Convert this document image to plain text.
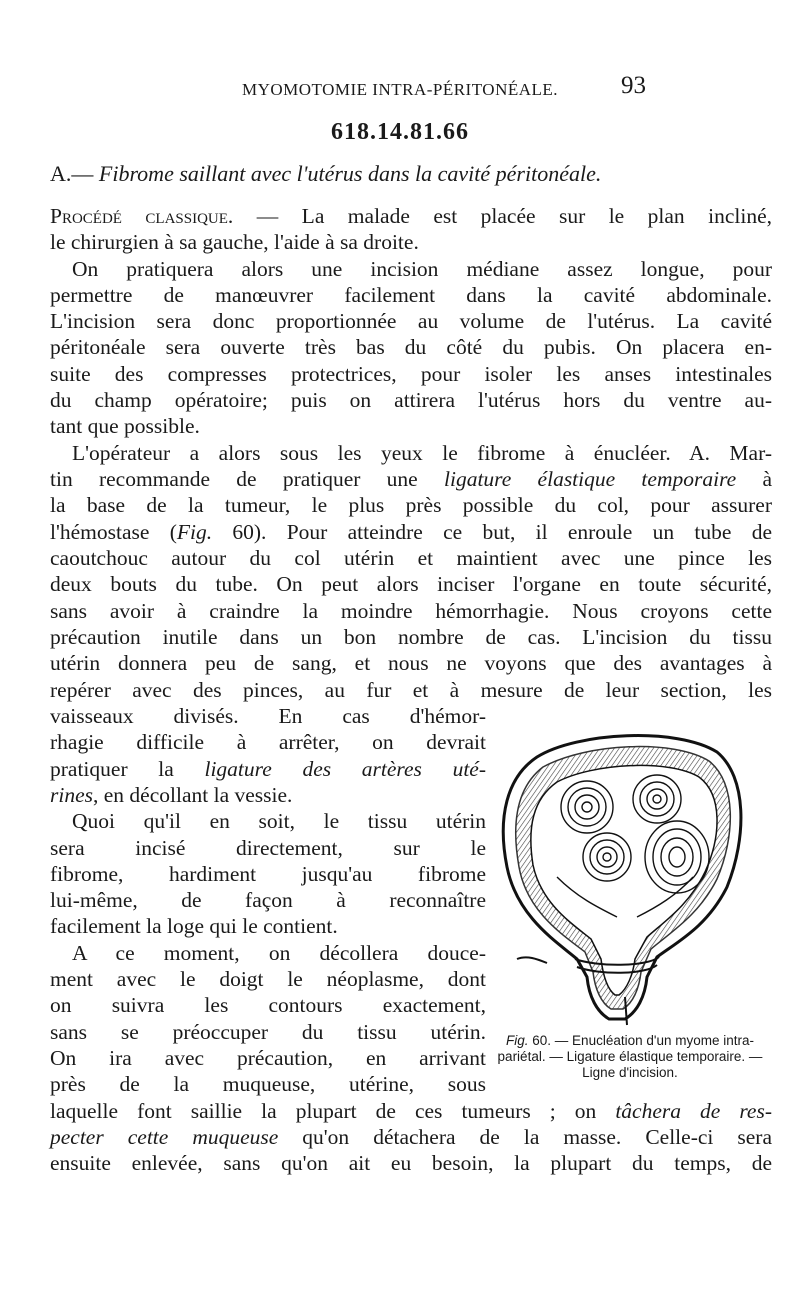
MYOMOTOMIE INTRA-PÉRITONÉALE.	93
618.14.81.66
A.— Fibrome saillant avec l'utérus dans la cavité péritonéale.
Procédé classique. — La malade est placée sur le plan incliné,
le chirurgien à sa gauche, l'aide à sa droite.
On pratiquera alors une incision médiane assez longue, pour
permettre de manœuvrer facilement dans la cavité abdominale.
L'incision sera donc proportionnée au volume de l'utérus. La cavité
péritonéale sera ouverte très bas du côté du pubis. On placera en-
suite des compresses protectrices, pour isoler les anses intestinales
du champ opératoire; puis on attirera l'utérus hors du ventre au-
tant que possible.
L'opérateur a alors sous les yeux le fibrome à énucléer. A. Mar-
tin recommande de pratiquer une ligature élastique temporaire à
la base de la tumeur, le plus près possible du col, pour assurer
l'hémostase (Fig. 60). Pour atteindre ce but, il enroule un tube de
caoutchouc autour du col utérin et maintient avec une pince les
deux bouts du tube. On peut alors inciser l'organe en toute sécurité,
sans avoir à craindre la moindre hémorrhagie. Nous croyons cette
précaution inutile dans un bon nombre de cas. L'incision du tissu
utérin donnera peu de sang, et nous ne voyons que des avantages à
repérer avec des pinces, au fur et à mesure de leur section, les
vaisseaux divisés. En cas d'hémor-
rhagie difficile à arrêter, on devrait
pratiquer la ligature des artères uté-
rines, en décollant la vessie.
Quoi qu'il en soit, le tissu utérin
sera incisé directement, sur le
fibrome, hardiment jusqu'au fibrome
lui-même, de façon à reconnaître
facilement la loge qui le contient.
A ce moment, on décollera douce-
ment avec le doigt le néoplasme, dont
on suivra les contours exactement,
sans se préoccuper du tissu utérin.
On ira avec précaution, en arrivant
près de la muqueuse, utérine, sous
laquelle font saillie la plupart de ces tumeurs ; on tâchera de res-
pecter cette muqueuse qu'on détachera de la masse. Celle-ci sera
ensuite enlevée, sans qu'on ait eu besoin, la plupart du temps, de
Fig. 60. — Enucléation d'un myome intra-pariétal. — Ligature élastique temporaire. — Ligne d'incision.
